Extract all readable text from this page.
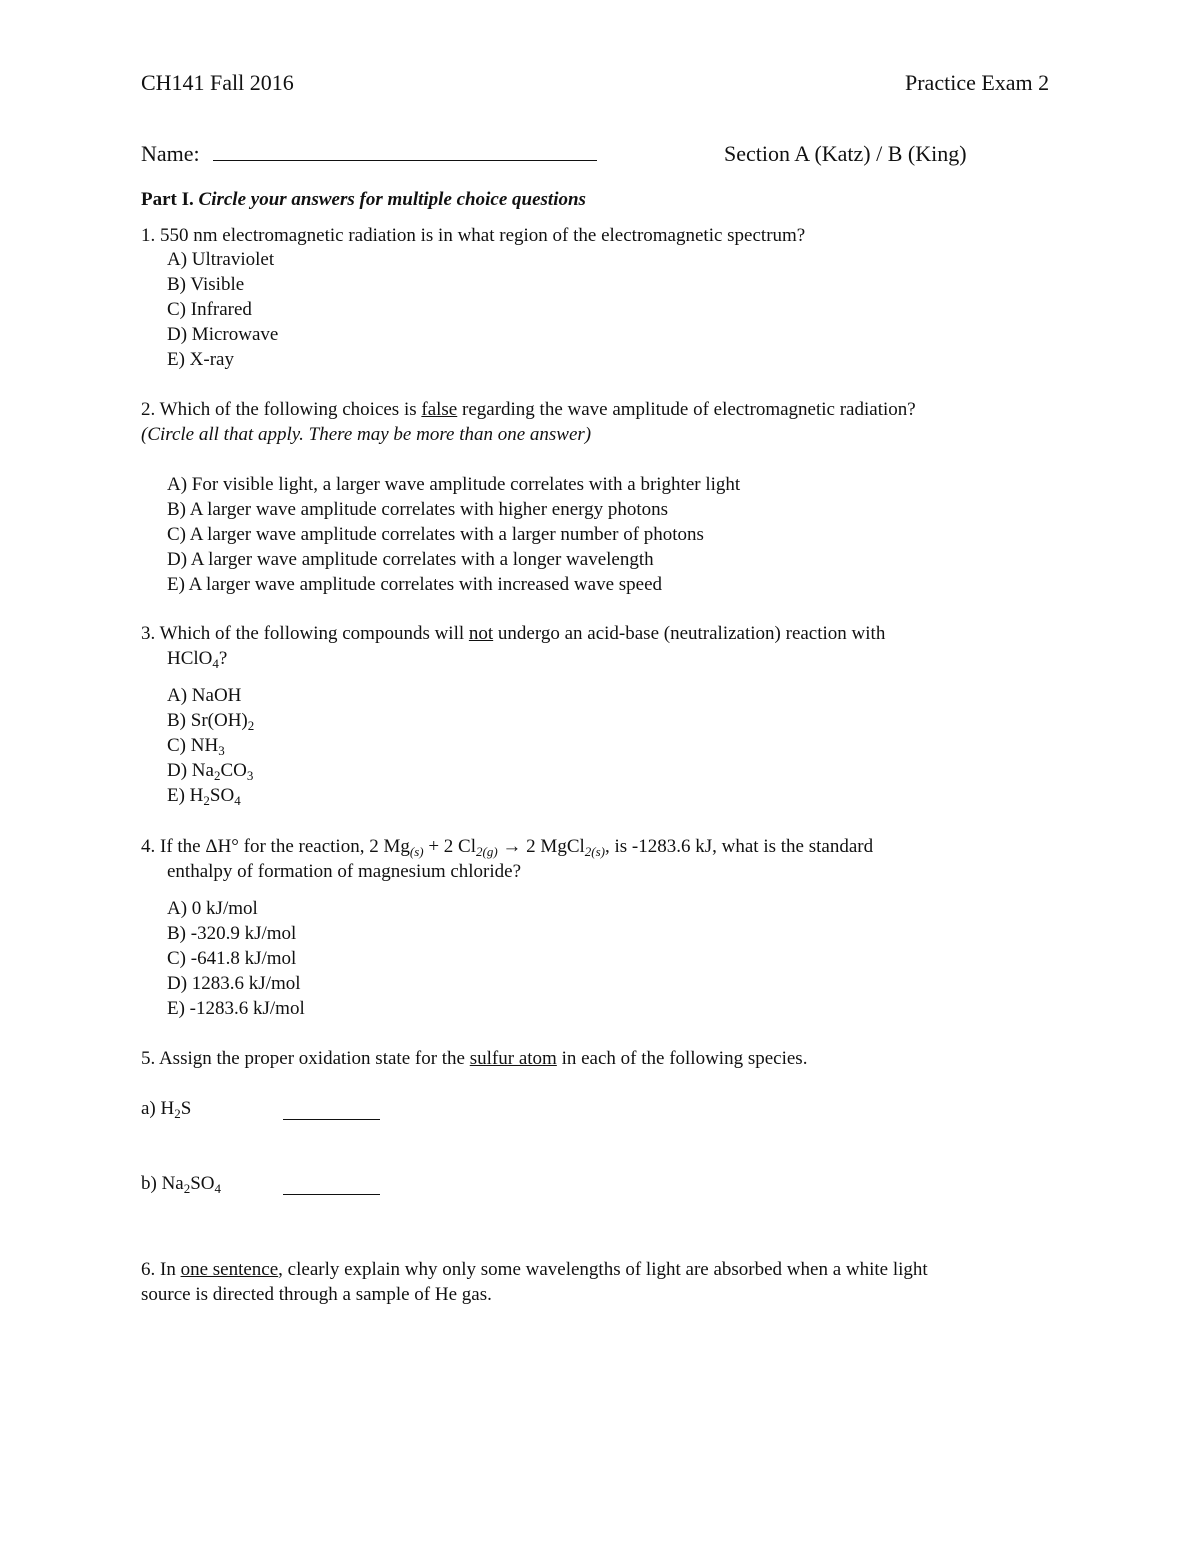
CH141 Fall 2016	Practice Exam 2
Name:	Section A (Katz) / B (King)
Part I. Circle your answers for multiple choice questions
1. 550 nm electromagnetic radiation is in what region of the electromagnetic spectrum?
A) Ultraviolet
B) Visible
C) Infrared
D) Microwave
E) X-ray
2. Which of the following choices is false regarding the wave amplitude of electromagnetic radiation?
(Circle all that apply. There may be more than one answer)
A) For visible light, a larger wave amplitude correlates with a brighter light
B) A larger wave amplitude correlates with higher energy photons
C) A larger wave amplitude correlates with a larger number of photons
D) A larger wave amplitude correlates with a longer wavelength
E) A larger wave amplitude correlates with increased wave speed
3. Which of the following compounds will not undergo an acid-base (neutralization) reaction with
HClO$_4$?
A) NaOH
B) $Sr(OH)_2$
C) $NH_3$
D) $Na_2CO_3$
E) $H_2SO_4$
4. If the ΔH° for the reaction, 2 $Mg_{(s)} + 2$ $Cl_{2(g)} \to 2$ MgCl$_{2(s)}$, is -1283.6 kJ, what is the standard
enthalpy of formation of magnesium chloride?
A) 0 kJ/mol
B) -320.9 kJ/mol
C) -641.8 kJ/mol
D) 1283.6 kJ/mol
E) -1283.6 kJ/mol
5. Assign the proper oxidation state for the sulfur atom in each of the following species.
a) $H_2S$
b) $Na_2SO_4$
6. In one sentence, clearly explain why only some wavelengths of light are absorbed when a white light
source is directed through a sample of He gas.
